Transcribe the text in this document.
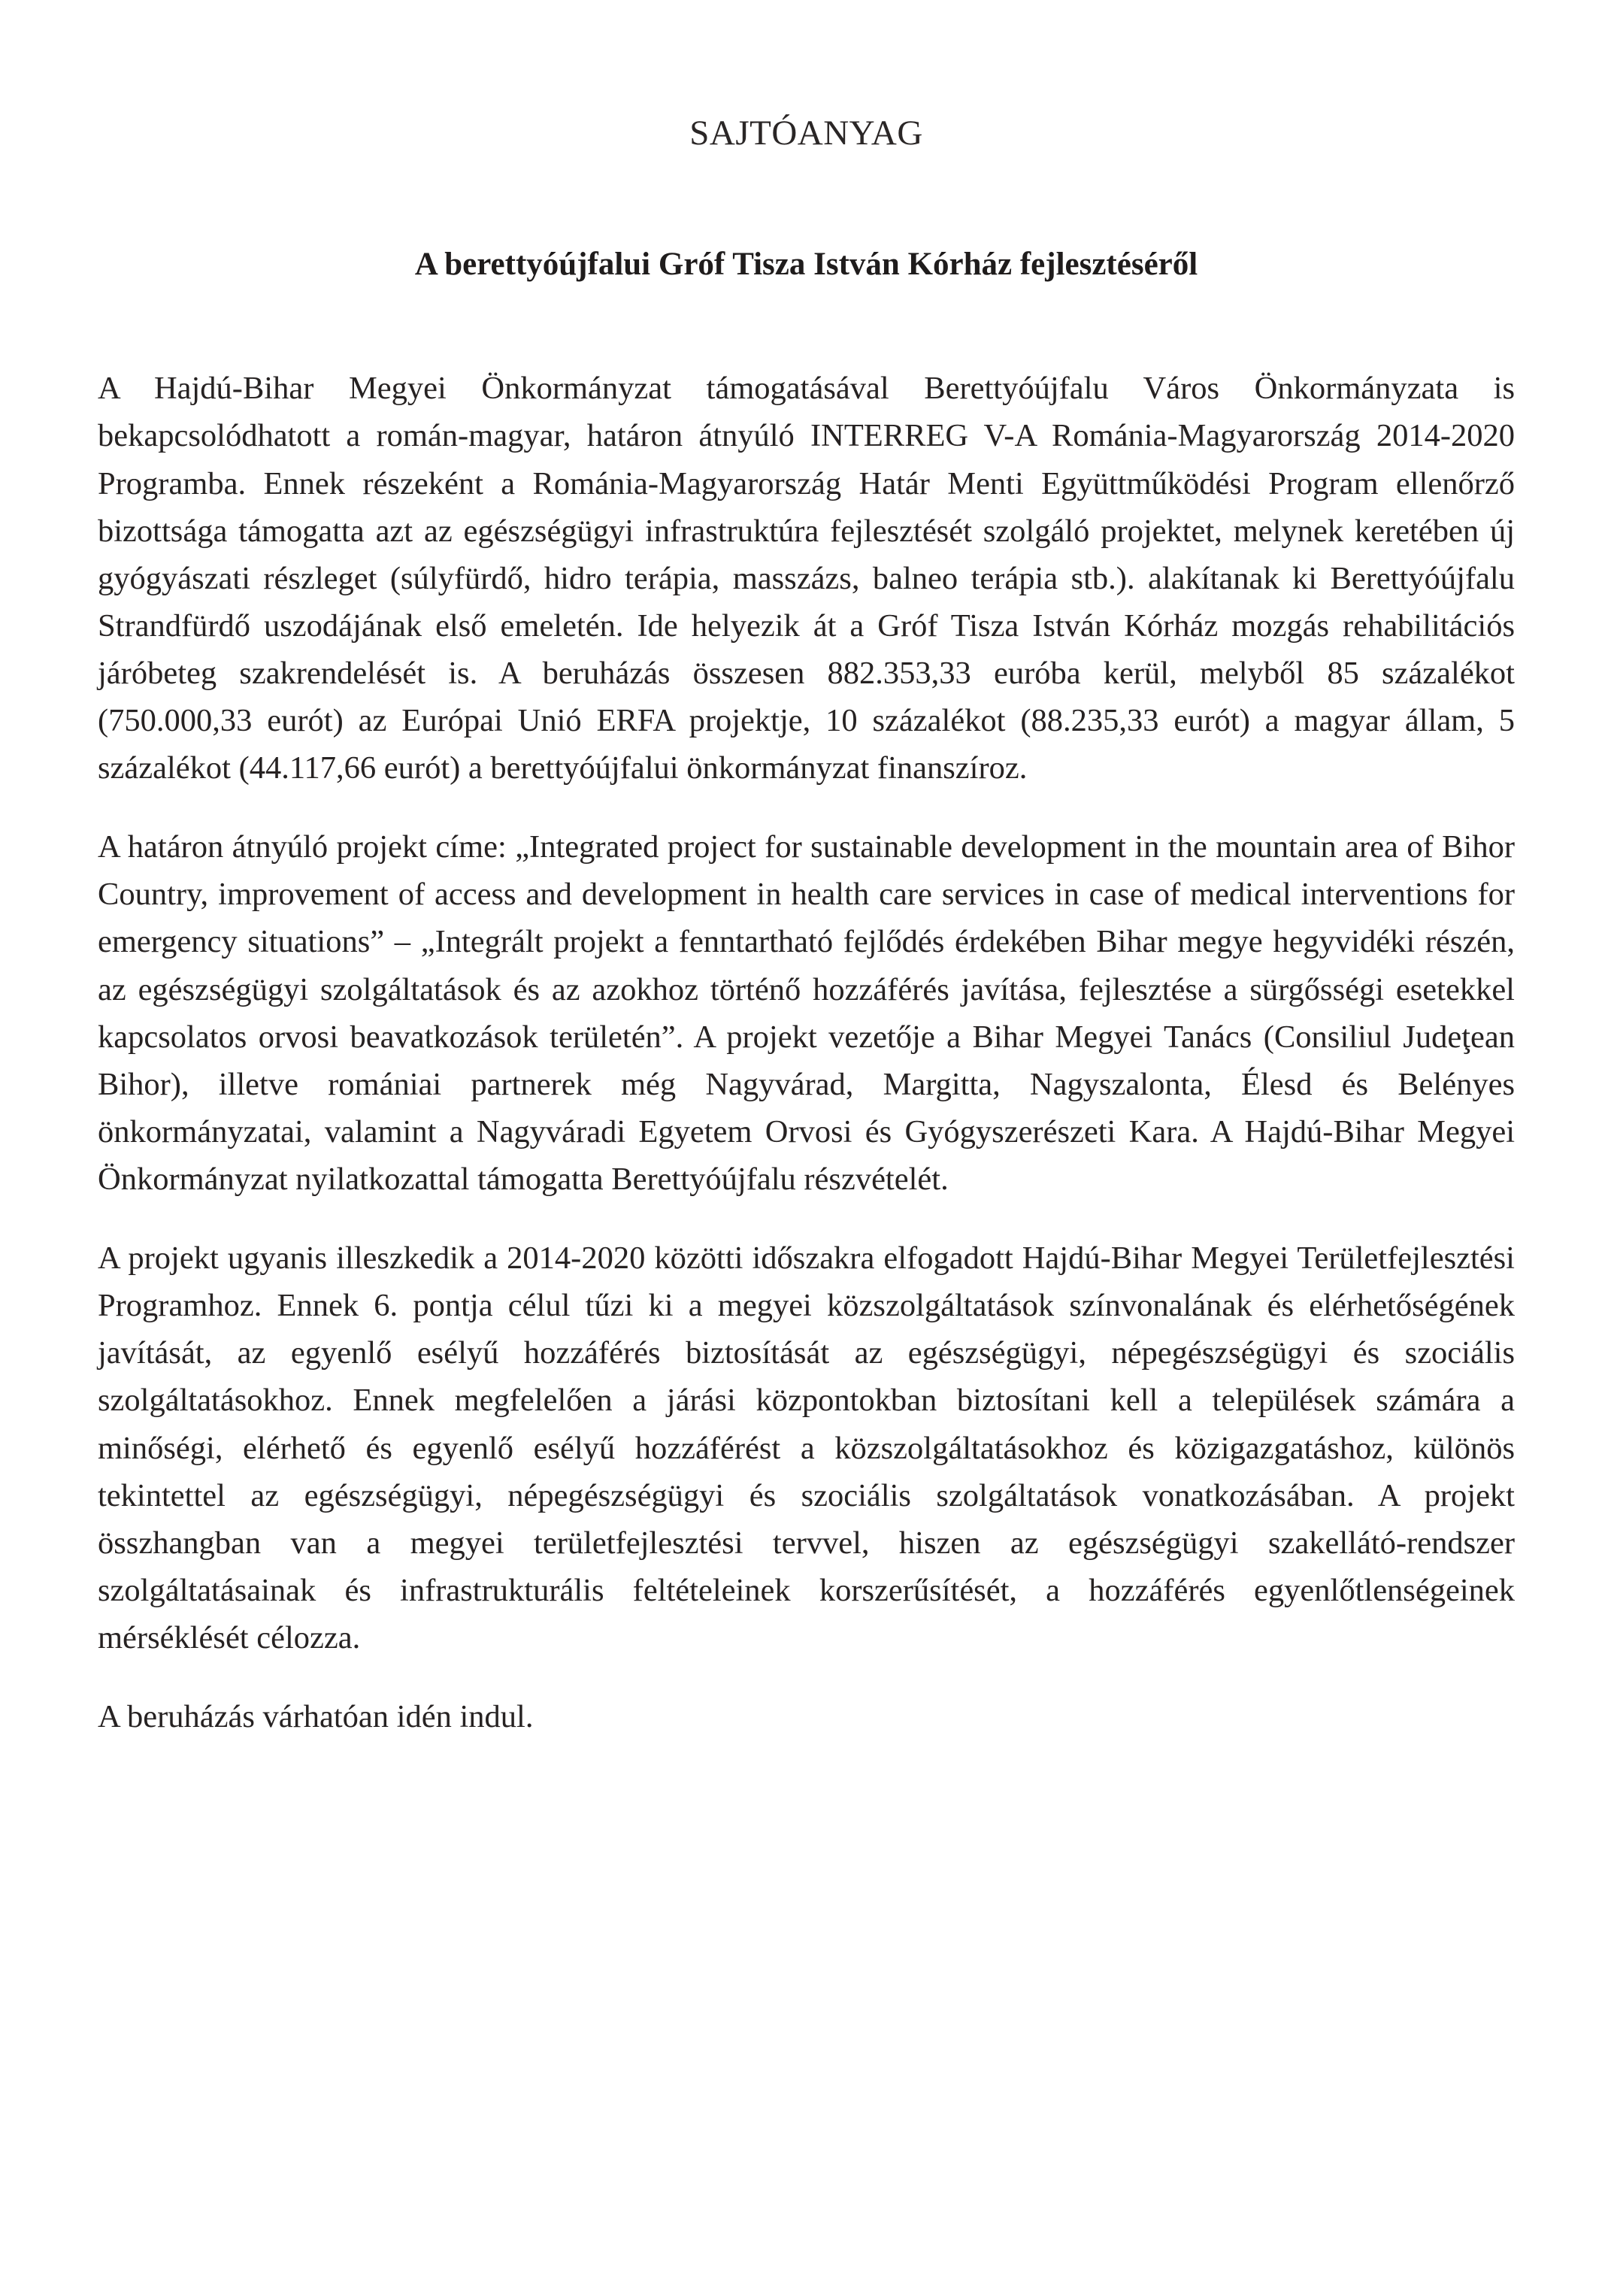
SAJTÓANYAG
A berettyóújfalui Gróf Tisza István Kórház fejlesztéséről

A Hajdú-Bihar Megyei Önkormányzat támogatásával Berettyóújfalu Város Önkormányzata is bekapcsolódhatott a román-magyar, határon átnyúló INTERREG V-A Románia-Magyarország 2014-2020 Programba. Ennek részeként a Románia-Magyarország Határ Menti Együttműködési Program ellenőrző bizottsága támogatta azt az egészségügyi infrastruktúra fejlesztését szolgáló projektet, melynek keretében új gyógyászati részleget (súlyfürdő, hidro terápia, masszázs, balneo terápia stb.). alakítanak ki Berettyóújfalu Strandfürdő uszodájának első emeletén. Ide helyezik át a Gróf Tisza István Kórház mozgás rehabilitációs járóbeteg szakrendelését is. A beruházás összesen 882.353,33 euróba kerül, melyből 85 százalékot (750.000,33 eurót) az Európai Unió ERFA projektje, 10 százalékot (88.235,33 eurót) a magyar állam, 5 százalékot (44.117,66 eurót) a berettyóújfalui önkormányzat finanszíroz.

A határon átnyúló projekt címe: „Integrated project for sustainable development in the mountain area of Bihor Country, improvement of access and development in health care services in case of medical interventions for emergency situations” – „Integrált projekt a fenntartható fejlődés érdekében Bihar megye hegyvidéki részén, az egészségügyi szolgáltatások és az azokhoz történő hozzáférés javítása, fejlesztése a sürgősségi esetekkel kapcsolatos orvosi beavatkozások területén”. A projekt vezetője a Bihar Megyei Tanács (Consiliul Judeţean Bihor), illetve romániai partnerek még Nagyvárad, Margitta, Nagyszalonta, Élesd és Belényes önkormányzatai, valamint a Nagyváradi Egyetem Orvosi és Gyógyszerészeti Kara. A Hajdú-Bihar Megyei Önkormányzat nyilatkozattal támogatta Berettyóújfalu részvételét.

A projekt ugyanis illeszkedik a 2014-2020 közötti időszakra elfogadott Hajdú-Bihar Megyei Területfejlesztési Programhoz. Ennek 6. pontja célul tűzi ki a megyei közszolgáltatások színvonalának és elérhetőségének javítását, az egyenlő esélyű hozzáférés biztosítását az egészségügyi, népegészségügyi és szociális szolgáltatásokhoz. Ennek megfelelően a járási központokban biztosítani kell a települések számára a minőségi, elérhető és egyenlő esélyű hozzáférést a közszolgáltatásokhoz és közigazgatáshoz, különös tekintettel az egészségügyi, népegészségügyi és szociális szolgáltatások vonatkozásában. A projekt összhangban van a megyei területfejlesztési tervvel, hiszen az egészségügyi szakellátó-rendszer szolgáltatásainak és infrastrukturális feltételeinek korszerűsítését, a hozzáférés egyenlőtlenségeinek mérséklését célozza.

A beruházás várhatóan idén indul.
